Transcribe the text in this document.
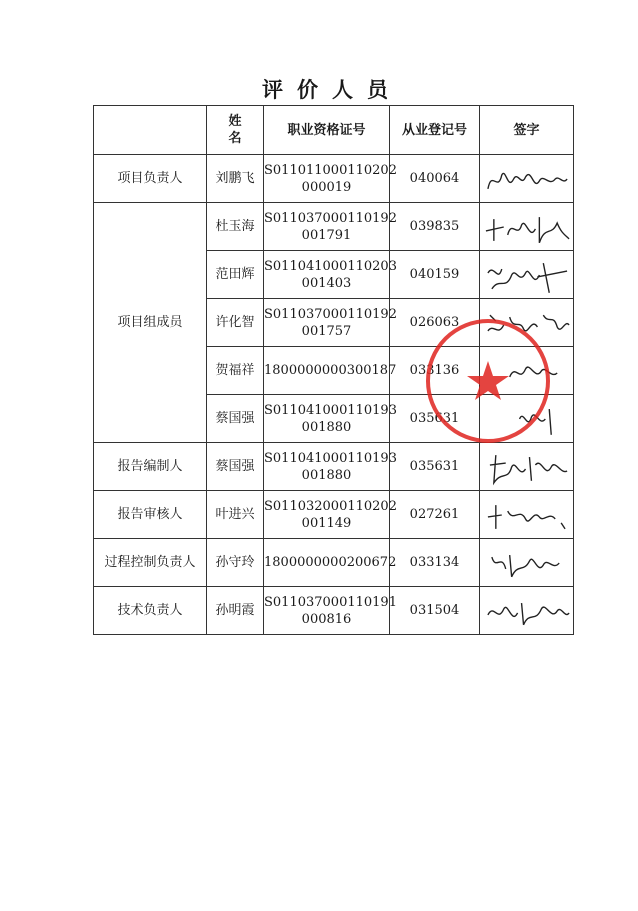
评价人员
	姓名	职业资格证号	从业登记号	签字
项目负责人	刘鹏飞	S011011000110202
000019	040064	

项目组成员	杜玉海	S011037000110192
001791	039835	

	范田辉	S011041000110203
001403	040159	

	许化智	S011037000110192
001757	026063	

	贺福祥	1800000000300187	033136	

	蔡国强	S011041000110193
001880	035631	

报告编制人	蔡国强	S011041000110193
001880	035631	

报告审核人	叶进兴	S011032000110202
001149	027261	

过程控制负责人	孙守玲	1800000000200672	033134	

技术负责人	孙明霞	S011037000110191
000816	031504	
